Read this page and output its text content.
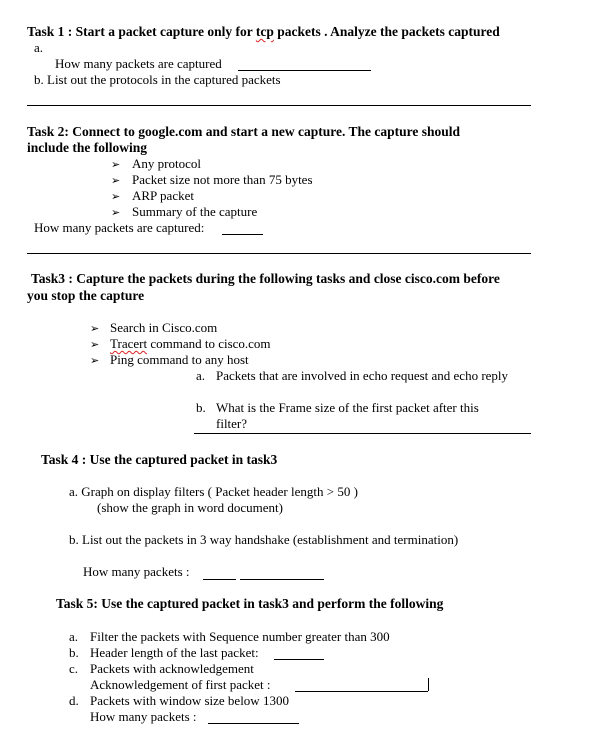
Task 1 : Start a packet capture only for tcp packets . Analyze the packets captured
a.
How many packets are captured
b. List out the protocols in the captured packets
Task 2: Connect to google.com and start a new capture. The capture should
include the following
➢ Any protocol
➢ Packet size not more than 75 bytes
➢ ARP packet
➢ Summary of the capture
How many packets are captured:
Task3 : Capture the packets during the following tasks and close cisco.com before
you stop the capture
➢ Search in Cisco.com
➢ Tracert command to cisco.com
➢ Ping command to any host
a. Packets that are involved in echo request and echo reply
b. What is the Frame size of the first packet after this
filter?
Task 4 : Use the captured packet in task3
a. Graph on display filters ( Packet header length > 50 )
(show the graph in word document)
b. List out the packets in 3 way handshake (establishment and termination)
How many packets :
Task 5: Use the captured packet in task3 and perform the following
a. Filter the packets with Sequence number greater than 300
b. Header length of the last packet:
c. Packets with acknowledgement
Acknowledgement of first packet :
d. Packets with window size below 1300
How many packets :
